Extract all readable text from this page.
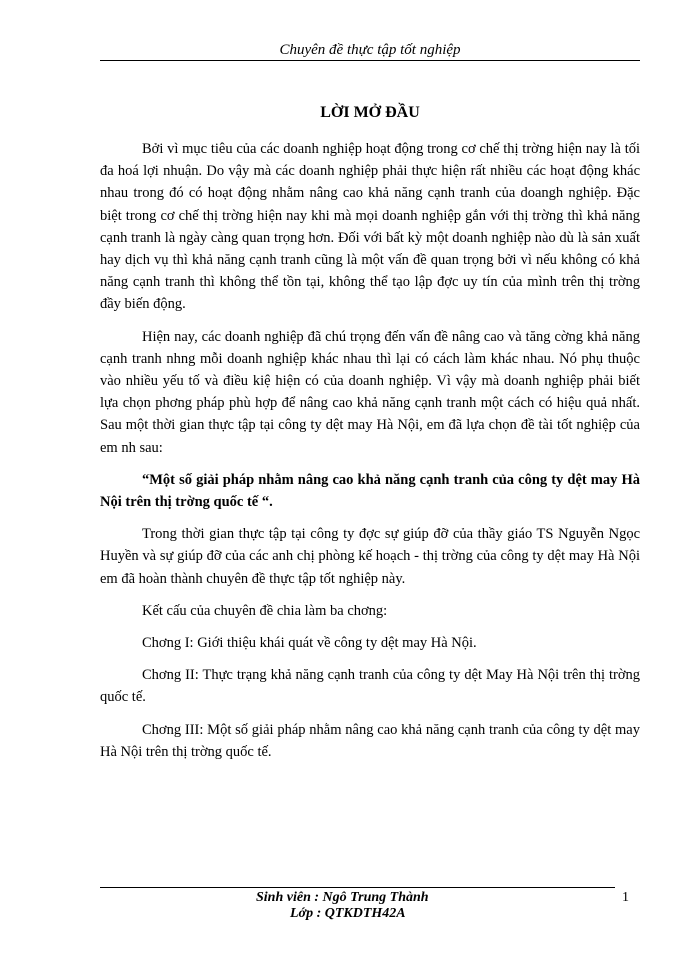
Chuyên đề thực tập tốt nghiệp
LỜI MỞ ĐẦU

Bởi vì mục tiêu của các doanh nghiệp hoạt động trong cơ chế thị trờng hiện nay là tối đa hoá lợi nhuận. Do vậy mà các doanh nghiệp phải thực hiện rất nhiều các hoạt động khác nhau trong đó có hoạt động nhằm nâng cao khả năng cạnh tranh của doangh nghiệp. Đặc biệt trong cơ chế thị trờng hiện nay khi mà mọi doanh nghiệp gắn với thị trờng thì khả năng cạnh tranh là ngày càng quan trọng hơn. Đối với bất kỳ một doanh nghiệp nào dù là sản xuất hay dịch vụ thì khả năng cạnh tranh cũng là một vấn đề quan trọng bởi vì nếu không có khả năng cạnh tranh thì không thể tồn tại, không thể tạo lập đợc uy tín của mình trên thị trờng đầy biến động.

Hiện nay, các doanh nghiệp đã chú trọng đến vấn đề nâng cao và tăng cờng khả năng cạnh tranh nhng mỗi doanh nghiệp khác nhau thì lại có cách làm khác nhau. Nó phụ thuộc vào nhiều yếu tố và điều kiệ hiện có của doanh nghiệp. Vì vậy mà doanh nghiệp phải biết lựa chọn phơng pháp phù hợp để nâng cao khả năng cạnh tranh một cách có hiệu quả nhất. Sau một thời gian thực tập tại công ty dệt may Hà Nội, em đã lựa chọn đề tài tốt nghiệp của em nh sau:

“Một số giải pháp nhằm nâng cao khả năng cạnh tranh của công ty dệt may Hà Nội trên thị trờng quốc tế “.

Trong thời gian thực tập tại công ty đợc sự giúp đỡ của thầy giáo TS Nguyễn Ngọc Huyền và sự giúp đỡ của các anh chị phòng kế hoạch - thị trờng của công ty dệt may Hà Nội em đã hoàn thành chuyên đề thực tập tốt nghiệp này.

Kết cấu của chuyên đề chia làm ba chơng:

Chơng I: Giới thiệu khái quát về công ty dệt may Hà Nội.

Chơng II: Thực trạng khả năng cạnh tranh của công ty dệt May Hà Nội trên thị trờng quốc tế.

Chơng III: Một số giải pháp nhằm nâng cao khả năng cạnh tranh của công ty dệt may Hà Nội trên thị trờng quốc tế.

Sinh viên : Ngô Trung Thành
Lớp : QTKDTH42A
1
